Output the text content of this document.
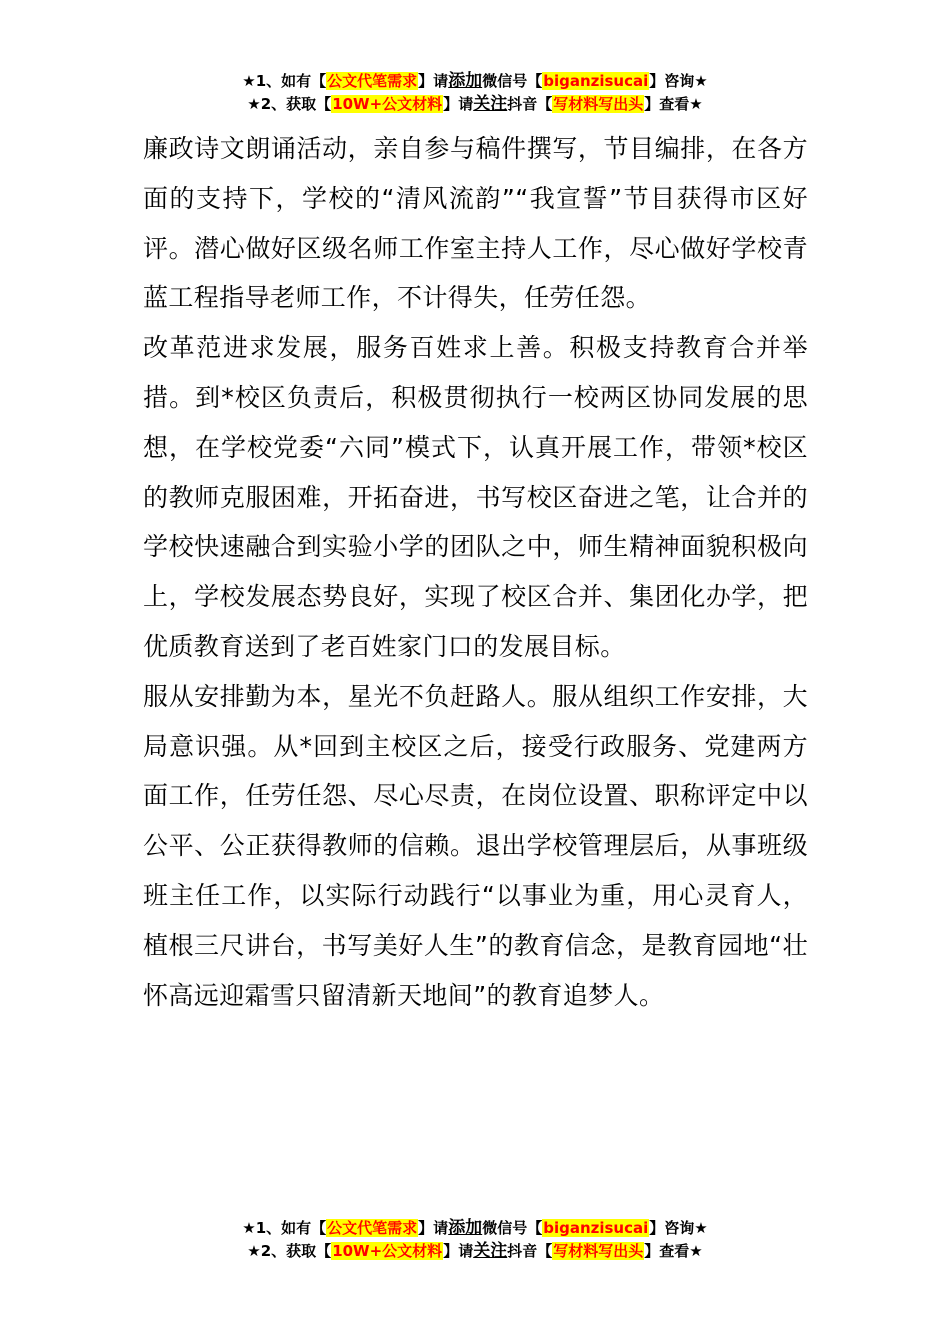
★1、如有【公文代笔需求】请添加微信号【biganzisucai】咨询★
★2、获取【10W+公文材料】请关注抖音【写材料写出头】查看★

廉政诗文朗诵活动，亲自参与稿件撰写，节目编排，在各方面的支持下，学校的“清风流韵”“我宣誓”节目获得市区好评。潜心做好区级名师工作室主持人工作，尽心做好学校青蓝工程指导老师工作，不计得失，任劳任怨。

改革范进求发展，服务百姓求上善。积极支持教育合并举措。到*校区负责后，积极贯彻执行一校两区协同发展的思想，在学校党委“六同”模式下，认真开展工作，带领*校区的教师克服困难，开拓奋进，书写校区奋进之笔，让合并的学校快速融合到实验小学的团队之中，师生精神面貌积极向上，学校发展态势良好，实现了校区合并、集团化办学，把优质教育送到了老百姓家门口的发展目标。

服从安排勤为本，星光不负赶路人。服从组织工作安排，大局意识强。从*回到主校区之后，接受行政服务、党建两方面工作，任劳任怨、尽心尽责，在岗位设置、职称评定中以公平、公正获得教师的信赖。退出学校管理层后，从事班级班主任工作，以实际行动践行“以事业为重，用心灵育人，植根三尺讲台，书写美好人生”的教育信念，是教育园地“壮怀高远迎霜雪只留清新天地间”的教育追梦人。

★1、如有【公文代笔需求】请添加微信号【biganzisucai】咨询★
★2、获取【10W+公文材料】请关注抖音【写材料写出头】查看★
